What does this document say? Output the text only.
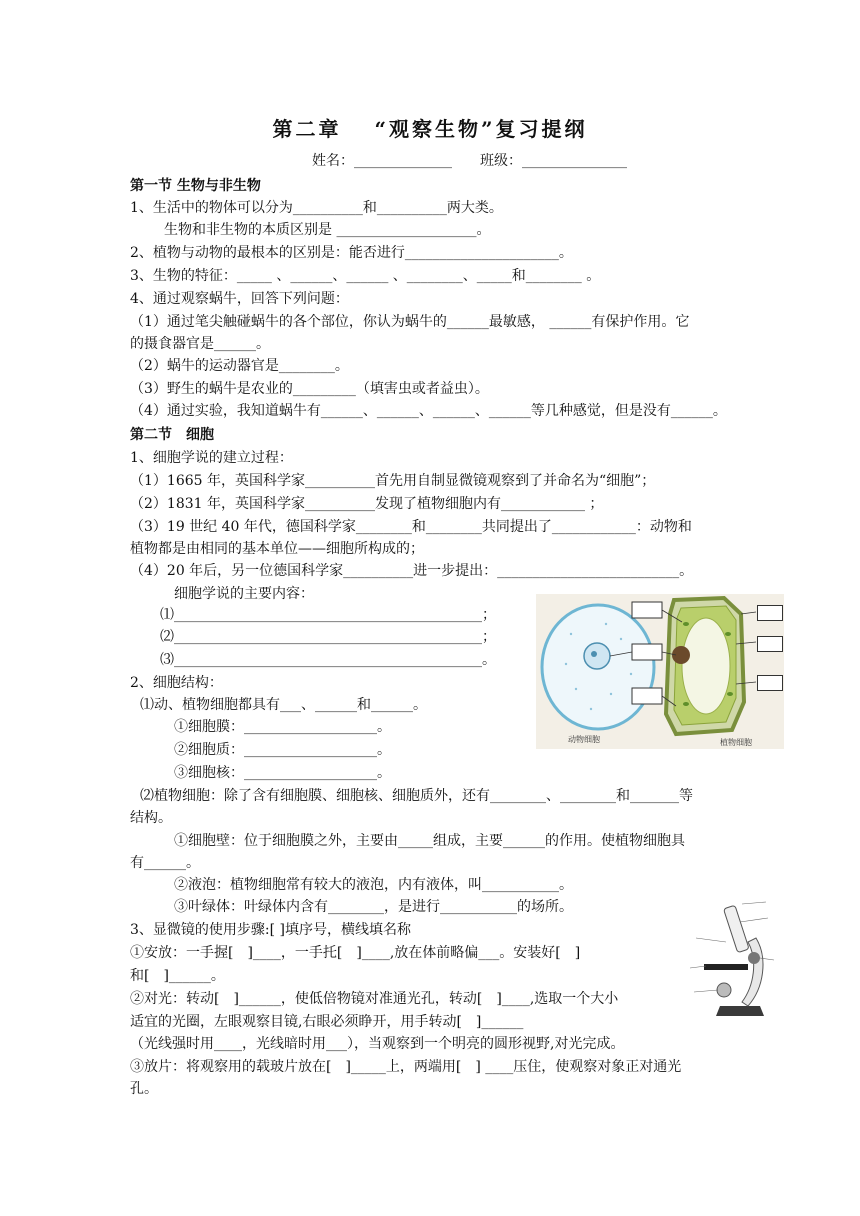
第二章　 “观察生物”复习提纲
姓名：______________　　班级：_______________
第一节 生物与非生物
1、生活中的物体可以分为__________和__________两大类。
　生物和非生物的本质区别是 ____________________。
2、植物与动物的最根本的区别是：能否进行______________________。
3、生物的特征：_____ 、______、______ 、________、_____和________ 。
4、通过观察蜗牛，回答下列问题：
（1）通过笔尖触碰蜗牛的各个部位，你认为蜗牛的______最敏感， ______有保护作用。它
的摄食器官是______。
（2）蜗牛的运动器官是________。
（3）野生的蜗牛是农业的_________（填害虫或者益虫）。
（4）通过实验，我知道蜗牛有______、______、______、______等几种感觉，但是没有______。
第二节　细胞
1、细胞学说的建立过程：
（1）1665 年，英国科学家__________首先用自制显微镜观察到了并命名为“细胞”；
（2）1831 年，英国科学家__________发现了植物细胞内有____________ ；
（3）19 世纪 40 年代，德国科学家________和________共同提出了____________：动物和
植物都是由相同的基本单位——细胞所构成的；
（4）20 年后，另一位德国科学家__________进一步提出：__________________________。
　细胞学说的主要内容：
⑴____________________________________________；
⑵____________________________________________；
⑶____________________________________________。
2、细胞结构：
⑴动、植物细胞都具有___、______和______。
　①细胞膜：___________________。
　②细胞质：___________________。
　③细胞核：___________________。
⑵植物细胞：除了含有细胞膜、细胞核、细胞质外，还有________、________和_______等
结构。
　①细胞壁：位于细胞膜之外，主要由_____组成，主要______的作用。使植物细胞具
有______。
　②液泡：植物细胞常有较大的液泡，内有液体，叫___________。
　③叶绿体：叶绿体内含有________，是进行___________的场所。
3、显微镜的使用步骤:[ ]填序号，横线填名称
①安放：一手握[　]____，一手托[　]____,放在体前略偏___。安装好[　]
和[　]______。
②对光：转动[　]______，使低倍物镜对准通光孔，转动[　]____,选取一个大小
适宜的光圈，左眼观察目镜,右眼必须睁开，用手转动[　]______
（光线强时用____，光线暗时用___），当观察到一个明亮的圆形视野,对光完成。
③放片：将观察用的载玻片放在[　]_____上，两端用[　] ____压住，使观察对象正对通光
孔。
动物细胞	植物细胞
